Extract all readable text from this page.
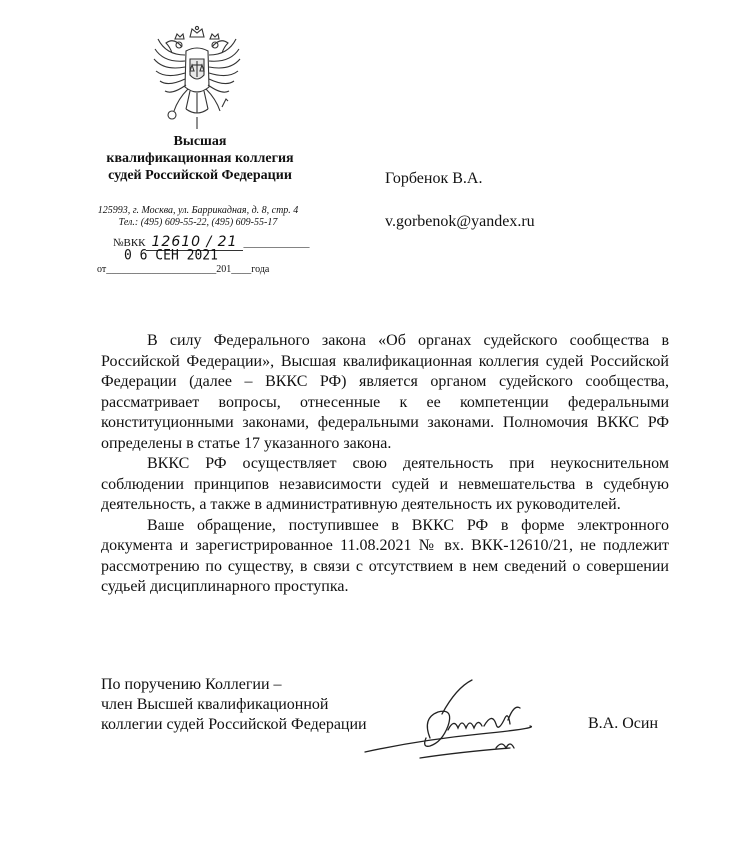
Высшая
квалификационная коллегия
судей Российской Федерации
125993, г. Москва, ул. Баррикадная, д. 8, стр. 4
Тел.: (495) 609-55-22, (495) 609-55-17
№ВКК 12610 / 21 ____________
0 6 СЕН 2021
от______________________201____года
Горбенок В.А.
v.gorbenok@yandex.ru

В силу Федерального закона «Об органах судейского сообщества в Российской Федерации», Высшая квалификационная коллегия судей Российской Федерации (далее – ВККС РФ) является органом судейского сообщества, рассматривает вопросы, отнесенные к ее компетенции федеральными конституционными законами, федеральными законами. Полномочия ВККС РФ определены в статье 17 указанного закона.

ВККС РФ осуществляет свою деятельность при неукоснительном соблюдении принципов независимости судей и невмешательства в судебную деятельность, а также в административную деятельность их руководителей.

Ваше обращение, поступившее в ВККС РФ в форме электронного документа и зарегистрированное 11.08.2021 № вх. ВКК-12610/21, не подлежит рассмотрению по существу, в связи с отсутствием в нем сведений о совершении судьей дисциплинарного проступка.

По поручению Коллегии –
член Высшей квалификационной
коллегии судей Российской Федерации	В.А. Осин
